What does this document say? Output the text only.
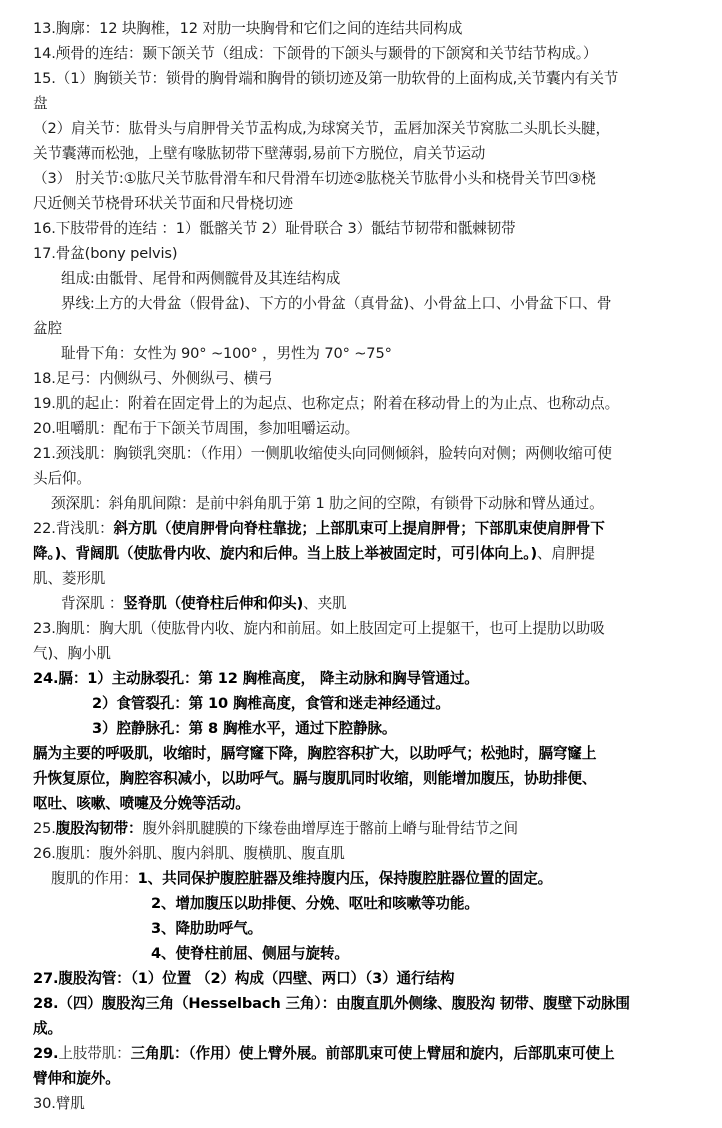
13.胸廓：12 块胸椎，12 对肋一块胸骨和它们之间的连结共同构成
14.颅骨的连结：颞下颌关节（组成：下颌骨的下颌头与颞骨的下颌窝和关节结节构成。）
15.（1）胸锁关节：锁骨的胸骨端和胸骨的锁切迹及第一肋软骨的上面构成,关节囊内有关节
盘
（2）肩关节：肱骨头与肩胛骨关节盂构成,为球窝关节，盂唇加深关节窝肱二头肌长头腱，
关节囊薄而松弛，上壁有喙肱韧带下壁薄弱,易前下方脱位，肩关节运动
（3） 肘关节:①肱尺关节肱骨滑车和尺骨滑车切迹②肱桡关节肱骨小头和桡骨关节凹③桡
尺近侧关节桡骨环状关节面和尺骨桡切迹
16.下肢带骨的连结 ：1）骶髂关节 2）耻骨联合 3）骶结节韧带和骶棘韧带
17.骨盆(bony pelvis)
组成:由骶骨、尾骨和两侧髋骨及其连结构成
界线:上方的大骨盆（假骨盆)、下方的小骨盆（真骨盆)、小骨盆上口、小骨盆下口、骨
盆腔
耻骨下角：女性为 90° ~100° ，男性为 70° ~75°
18.足弓：内侧纵弓、外侧纵弓、横弓
19.肌的起止：附着在固定骨上的为起点、也称定点；附着在移动骨上的为止点、也称动点。
20.咀嚼肌：配布于下颌关节周围，参加咀嚼运动。
21.颈浅肌：胸锁乳突肌：（作用）一侧肌收缩使头向同侧倾斜，脸转向对侧；两侧收缩可使
头后仰。
颈深肌：斜角肌间隙：是前中斜角肌于第 1 肋之间的空隙，有锁骨下动脉和臂丛通过。
22.背浅肌：斜方肌（使肩胛骨向脊柱靠拢；上部肌束可上提肩胛骨；下部肌束使肩胛骨下
降。)、背阔肌（使肱骨内收、旋内和后伸。当上肢上举被固定时，可引体向上。)、肩胛提
肌、菱形肌
背深肌 ：竖脊肌（使脊柱后伸和仰头)、夹肌
23.胸肌：胸大肌（使肱骨内收、旋内和前屈。如上肢固定可上提躯干，也可上提肋以助吸
气)、胸小肌
24.膈：1）主动脉裂孔：第 12 胸椎高度， 降主动脉和胸导管通过。
2）食管裂孔：第 10 胸椎高度，食管和迷走神经通过。
3）腔静脉孔：第 8 胸椎水平，通过下腔静脉。
膈为主要的呼吸肌，收缩时，膈穹窿下降，胸腔容积扩大，以助呼气；松弛时，膈穹窿上
升恢复原位，胸腔容积减小，以助呼气。膈与腹肌同时收缩，则能增加腹压，协助排便、
呕吐、咳嗽、喷嚏及分娩等活动。
25.腹股沟韧带：腹外斜肌腱膜的下缘卷曲增厚连于髂前上嵴与耻骨结节之间
26.腹肌：腹外斜肌、腹内斜肌、腹横肌、腹直肌
腹肌的作用：1、共同保护腹腔脏器及维持腹内压，保持腹腔脏器位置的固定。
2、增加腹压以助排便、分娩、呕吐和咳嗽等功能。
3、降肋助呼气。
4、使脊柱前屈、侧屈与旋转。
27.腹股沟管：（1）位置 （2）构成（四壁、两口）（3）通行结构
28.（四）腹股沟三角（Hesselbach 三角）：由腹直肌外侧缘、腹股沟 韧带、腹壁下动脉围
成。
29.上肢带肌：三角肌：（作用）使上臂外展。前部肌束可使上臂屈和旋内，后部肌束可使上
臂伸和旋外。
30.臂肌
